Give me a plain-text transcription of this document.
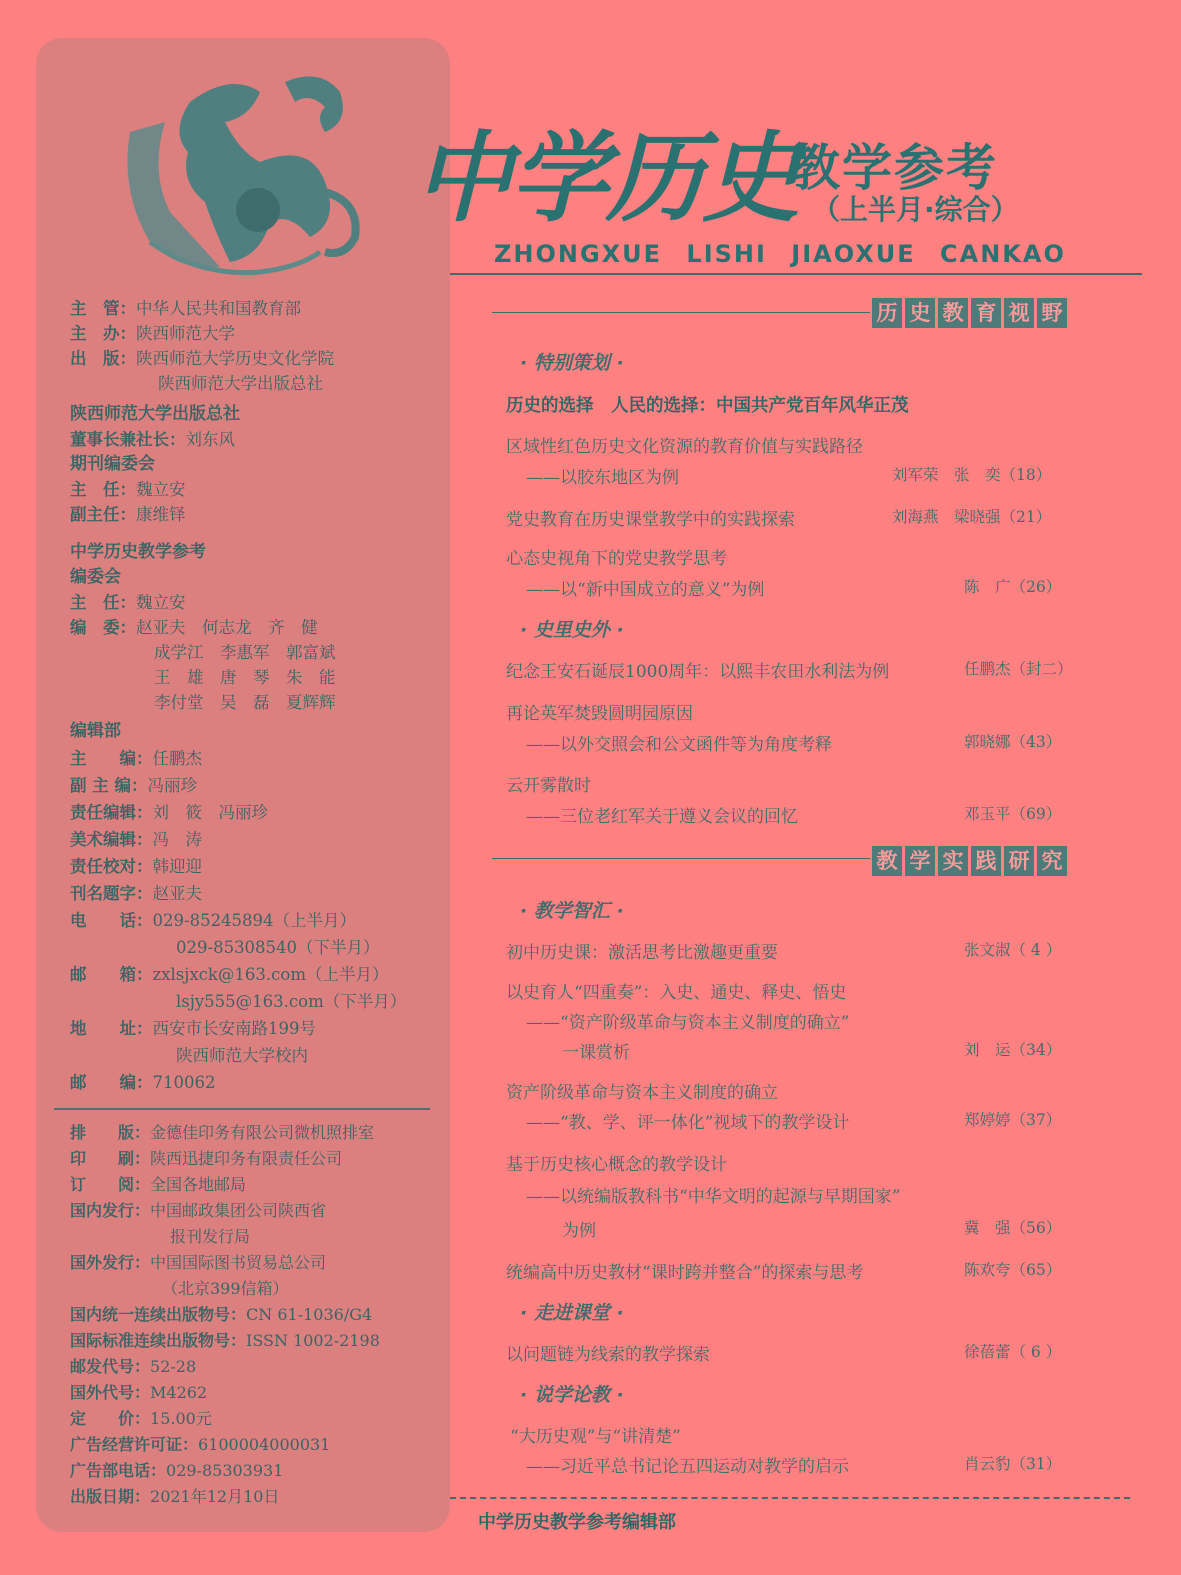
主　管： 中华人民共和国教育部
主　办： 陕西师范大学
出　版： 陕西师范大学历史文化学院
陕西师范大学出版总社
陕西师范大学出版总社
董事长兼社长： 刘东风
期刊编委会
主　任： 魏立安
副主任： 康维铎
中学历史教学参考
编委会
主　任： 魏立安
编　委： 赵亚夫　何志龙　齐　健
成学江　李惠军　郭富斌
王　雄　唐　琴　朱　能
李付堂　吴　磊　夏辉辉
编辑部
主　　编： 任鹏杰
副 主 编： 冯丽珍
责任编辑： 刘　筱　冯丽珍
美术编辑： 冯　涛
责任校对： 韩迎迎
刊名题字： 赵亚夫
电　　话： 029-85245894（上半月）
029-85308540（下半月）
邮　　箱： zxlsjxck@163.com（上半月）
lsjy555@163.com（下半月）
地　　址： 西安市长安南路199号
陕西师范大学校内
邮　　编： 710062
排　　版： 金德佳印务有限公司微机照排室
印　　刷： 陕西迅捷印务有限责任公司
订　　阅： 全国各地邮局
国内发行： 中国邮政集团公司陕西省
报刊发行局
国外发行： 中国国际图书贸易总公司
（北京399信箱）
国内统一连续出版物号： CN 61-1036/G4
国际标准连续出版物号： ISSN 1002-2198
邮发代号： 52-28
国外代号： M4262
定　　价： 15.00元
广告经营许可证： 6100004000031
广告部电话： 029-85303931
出版日期： 2021年12月10日
中学历史
教学参考
（上半月·综合）
ZHONGXUE LISHI JIAOXUE CANKAO
历 史 教 育 视 野
· 特别策划 ·
历史的选择　人民的选择：中国共产党百年风华正茂
区域性红色历史文化资源的教育价值与实践路径
——以胶东地区为例	刘军荣　张　奕（18）
党史教育在历史课堂教学中的实践探索	刘海燕　梁晓强（21）
心态史视角下的党史教学思考
——以“新中国成立的意义”为例	陈　广（26）
· 史里史外 ·
纪念王安石诞辰1000周年：以熙丰农田水利法为例	任鹏杰（封二）
再论英军焚毁圆明园原因
——以外交照会和公文函件等为角度考释	郭晓娜（43）
云开雾散时
——三位老红军关于遵义会议的回忆	邓玉平（69）
教 学 实 践 研 究
· 教学智汇 ·
初中历史课：激活思考比激趣更重要	张文淑（ 4 ）
以史育人“四重奏”：入史、通史、释史、悟史
——“资产阶级革命与资本主义制度的确立”
一课赏析	刘　运（34）
资产阶级革命与资本主义制度的确立
——“教、学、评一体化”视域下的教学设计	郑婷婷（37）
基于历史核心概念的教学设计
——以统编版教科书“中华文明的起源与早期国家”
为例	冀　强（56）
统编高中历史教材“课时跨并整合”的探索与思考	陈欢夸（65）
· 走进课堂 ·
以问题链为线索的教学探索	徐蓓蕾（ 6 ）
· 说学论教 ·
“大历史观”与“讲清楚”
——习近平总书记论五四运动对教学的启示	肖云豹（31）
中学历史教学参考编辑部
